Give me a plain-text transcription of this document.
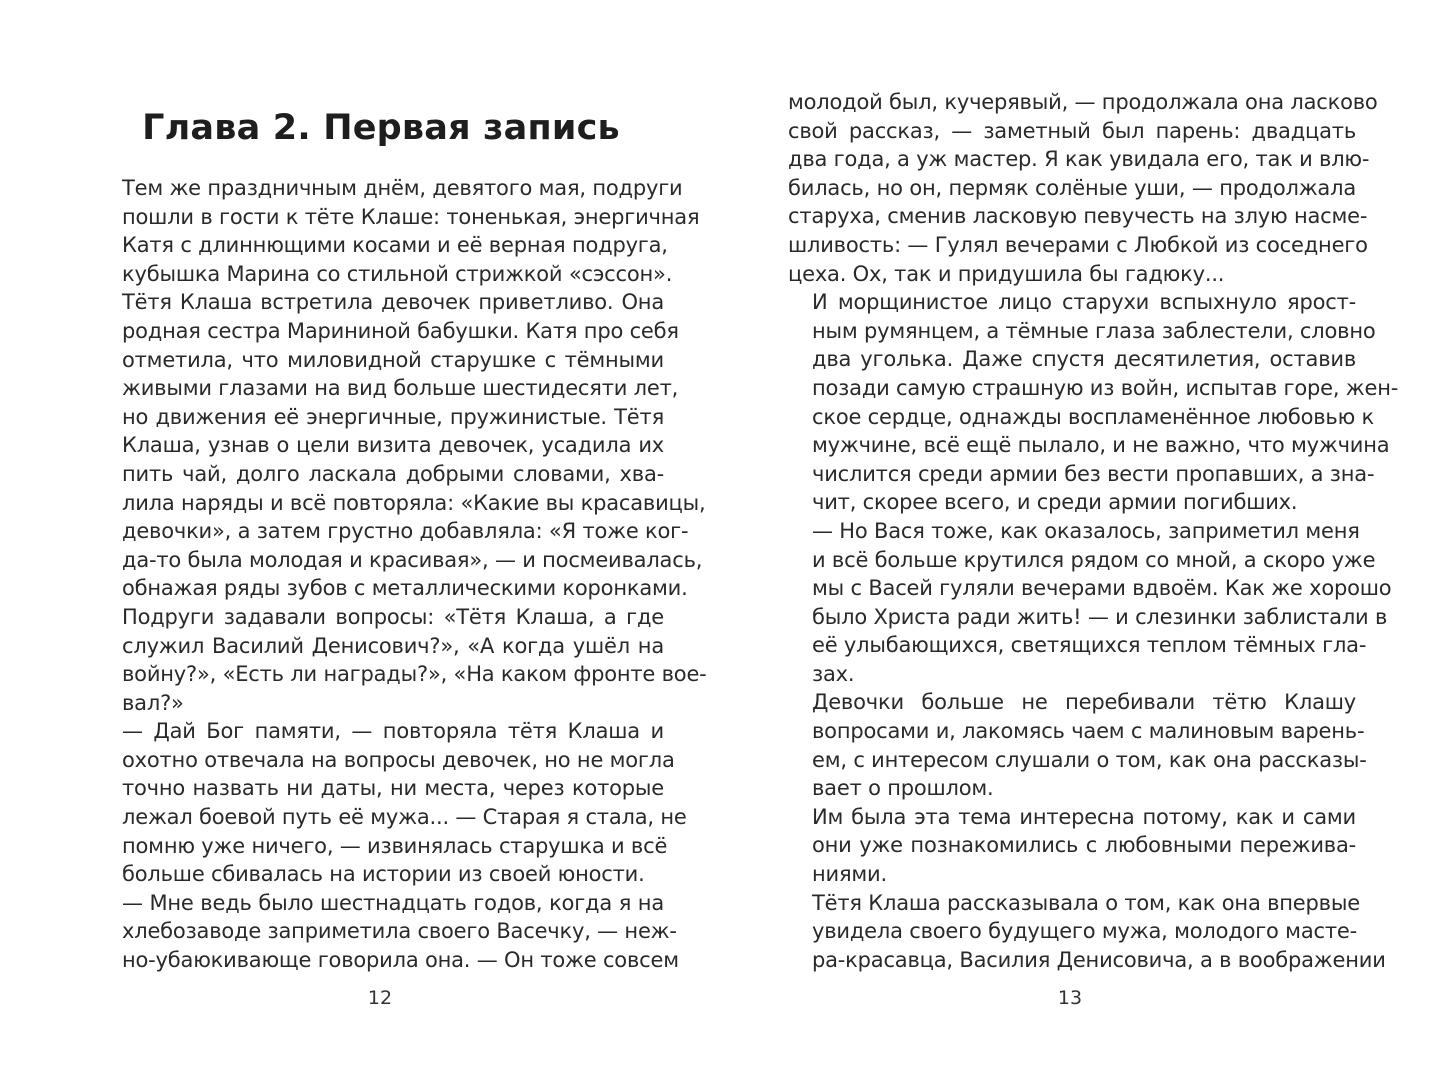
Глава 2. Первая запись

Тем же праздничным днём, девятого мая, подруги
пошли в гости к тёте Клаше: тоненькая, энергичная
Катя с длиннющими косами и её верная подруга,
кубышка Марина со стильной стрижкой «сэссон».

Тётя Клаша встретила девочек приветливо. Она
родная сестра Марининой бабушки. Катя про себя
отметила, что миловидной старушке с тёмными
живыми глазами на вид больше шестидесяти лет,
но движения её энергичные, пружинистые. Тётя
Клаша, узнав о цели визита девочек, усадила их
пить чай, долго ласкала добрыми словами, хва-
лила наряды и всё повторяла: «Какие вы красавицы,
девочки», а затем грустно добавляла: «Я тоже ког-
да-то была молодая и красивая», — и посмеивалась,
обнажая ряды зубов с металлическими коронками.

Подруги задавали вопросы: «Тётя Клаша, а где
служил Василий Денисович?», «А когда ушёл на
войну?», «Есть ли награды?», «На каком фронте вое-
вал?»

— Дай Бог памяти, — повторяла тётя Клаша и
охотно отвечала на вопросы девочек, но не могла
точно назвать ни даты, ни места, через которые
лежал боевой путь её мужа... — Старая я стала, не
помню уже ничего, — извинялась старушка и всё
больше сбивалась на истории из своей юности.

— Мне ведь было шестнадцать годов, когда я на
хлебозаводе заприметила своего Васечку, — неж-
но-убаюкивающе говорила она. — Он тоже совсем

12

молодой был, кучерявый, — продолжала она ласково
свой рассказ, — заметный был парень: двадцать
два года, а уж мастер. Я как увидала его, так и влю-
билась, но он, пермяк солёные уши, — продолжала
старуха, сменив ласковую певучесть на злую насме-
шливость: — Гулял вечерами с Любкой из соседнего
цеха. Ох, так и придушила бы гадюку...

И морщинистое лицо старухи вспыхнуло ярост-
ным румянцем, а тёмные глаза заблестели, словно
два уголька. Даже спустя десятилетия, оставив
позади самую страшную из войн, испытав горе, жен-
ское сердце, однажды воспламенённое любовью к
мужчине, всё ещё пылало, и не важно, что мужчина
числится среди армии без вести пропавших, а зна-
чит, скорее всего, и среди армии погибших.

— Но Вася тоже, как оказалось, заприметил меня
и всё больше крутился рядом со мной, а скоро уже
мы с Васей гуляли вечерами вдвоём. Как же хорошо
было Христа ради жить! — и слезинки заблистали в
её улыбающихся, светящихся теплом тёмных гла-
зах.

Девочки больше не перебивали тётю Клашу
вопросами и, лакомясь чаем с малиновым варень-
ем, с интересом слушали о том, как она рассказы-
вает о прошлом.

Им была эта тема интересна потому, как и сами
они уже познакомились с любовными пережива-
ниями.

Тётя Клаша рассказывала о том, как она впервые
увидела своего будущего мужа, молодого масте-
ра-красавца, Василия Денисовича, а в воображении

13
